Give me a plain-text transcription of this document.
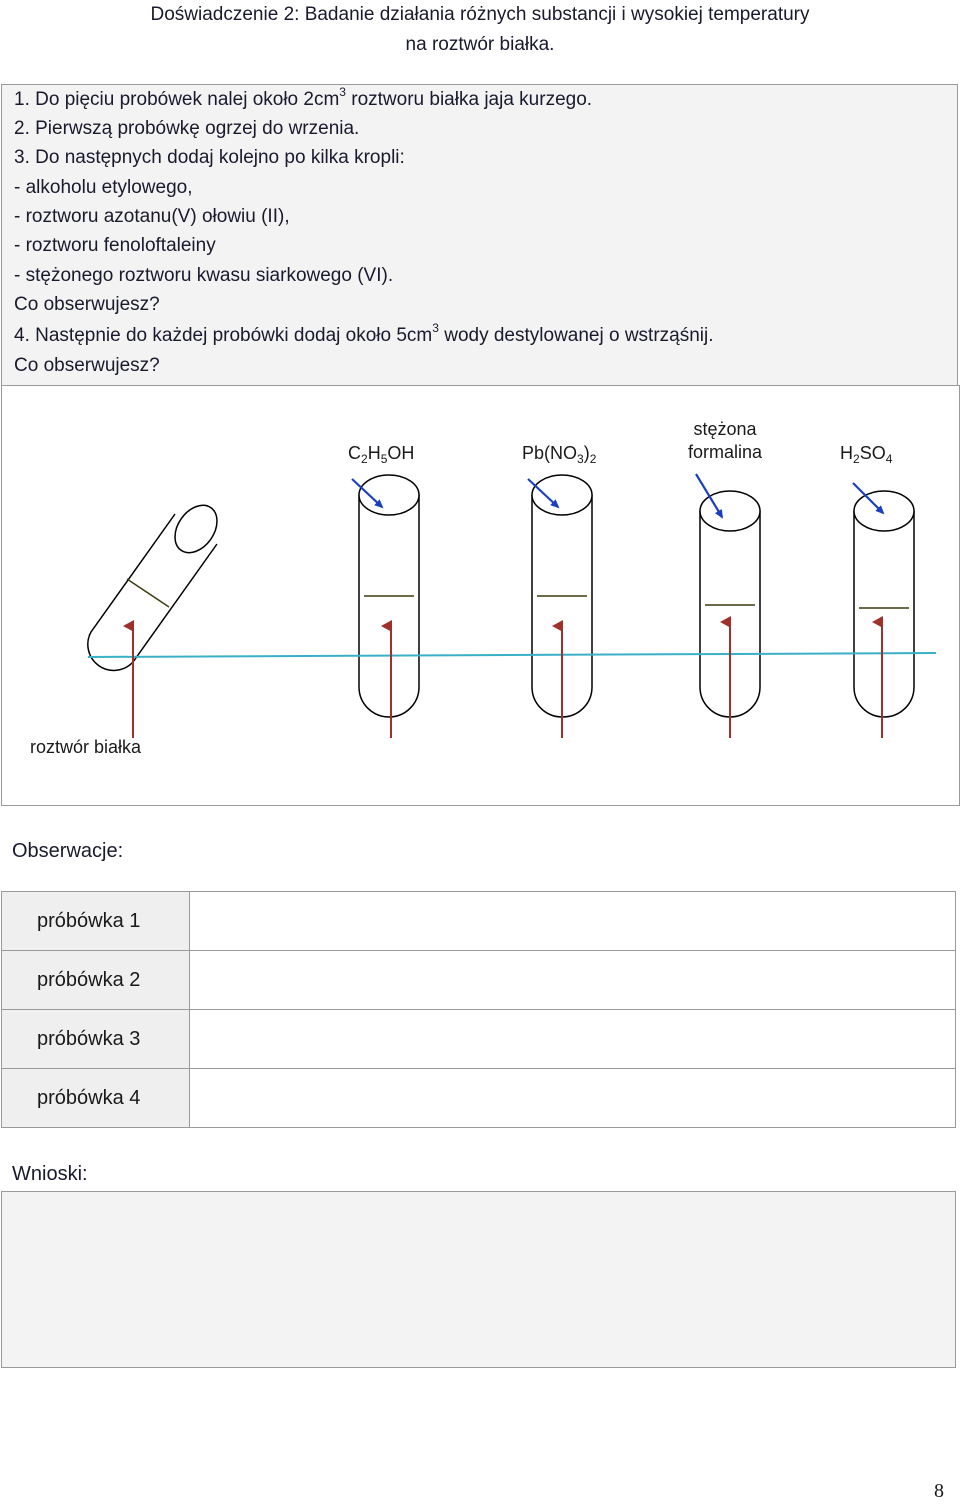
Doświadczenie 2: Badanie działania różnych substancji i wysokiej temperatury
na roztwór białka.
1. Do pięciu probówek nalej około $2cm^3$ roztworu białka jaja kurzego.
2. Pierwszą probówkę ogrzej do wrzenia.
3. Do następnych dodaj kolejno po kilka kropli:
- alkoholu etylowego,
- roztworu azotanu(V) ołowiu (II),
- roztworu fenoloftaleiny
- stężonego roztworu kwasu siarkowego (VI).
Co obserwujesz?
4. Następnie do każdej probówki dodaj około $5cm^3$ wody destylowanej o wstrząśnij.
Co obserwujesz?
$C_2H_5OH$	$Pb(NO_3)_2$
stężona
formalina	$H_2SO_4$
roztwór białka
Obserwacje:
próbówka 1	
próbówka 2	
próbówka 3	
próbówka 4	
Wnioski:
8
